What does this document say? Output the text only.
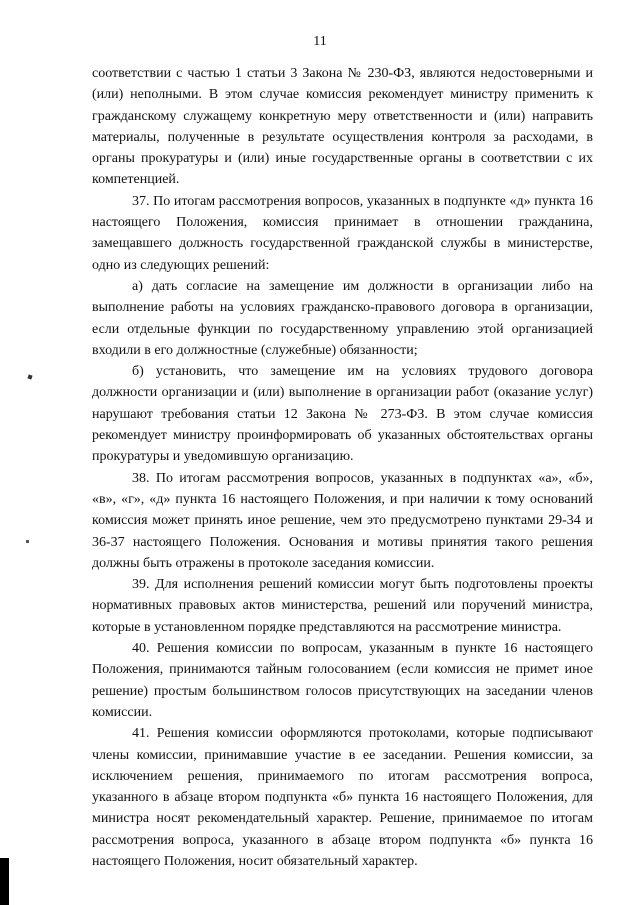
11

соответствии с частью 1 статьи 3 Закона № 230-ФЗ, являются недостоверными и (или) неполными. В этом случае комиссия рекомендует министру применить к гражданскому служащему конкретную меру ответственности и (или) направить материалы, полученные в результате осуществления контроля за расходами, в органы прокуратуры и (или) иные государственные органы в соответствии с их компетенцией.

37. По итогам рассмотрения вопросов, указанных в подпункте «д» пункта 16 настоящего Положения, комиссия принимает в отношении гражданина, замещавшего должность государственной гражданской службы в министерстве, одно из следующих решений:

а) дать согласие на замещение им должности в организации либо на выполнение работы на условиях гражданско-правового договора в организации, если отдельные функции по государственному управлению этой организацией входили в его должностные (служебные) обязанности;

б) установить, что замещение им на условиях трудового договора должности организации и (или) выполнение в организации работ (оказание услуг) нарушают требования статьи 12 Закона № 273-ФЗ. В этом случае комиссия рекомендует министру проинформировать об указанных обстоятельствах органы прокуратуры и уведомившую организацию.

38. По итогам рассмотрения вопросов, указанных в подпунктах «а», «б», «в», «г», «д» пункта 16 настоящего Положения, и при наличии к тому оснований комиссия может принять иное решение, чем это предусмотрено пунктами 29-34 и 36-37 настоящего Положения. Основания и мотивы принятия такого решения должны быть отражены в протоколе заседания комиссии.

39. Для исполнения решений комиссии могут быть подготовлены проекты нормативных правовых актов министерства, решений или поручений министра, которые в установленном порядке представляются на рассмотрение министра.

40. Решения комиссии по вопросам, указанным в пункте 16 настоящего Положения, принимаются тайным голосованием (если комиссия не примет иное решение) простым большинством голосов присутствующих на заседании членов комиссии.

41. Решения комиссии оформляются протоколами, которые подписывают члены комиссии, принимавшие участие в ее заседании. Решения комиссии, за исключением решения, принимаемого по итогам рассмотрения вопроса, указанного в абзаце втором подпункта «б» пункта 16 настоящего Положения, для министра носят рекомендательный характер. Решение, принимаемое по итогам рассмотрения вопроса, указанного в абзаце втором подпункта «б» пункта 16 настоящего Положения, носит обязательный характер.
